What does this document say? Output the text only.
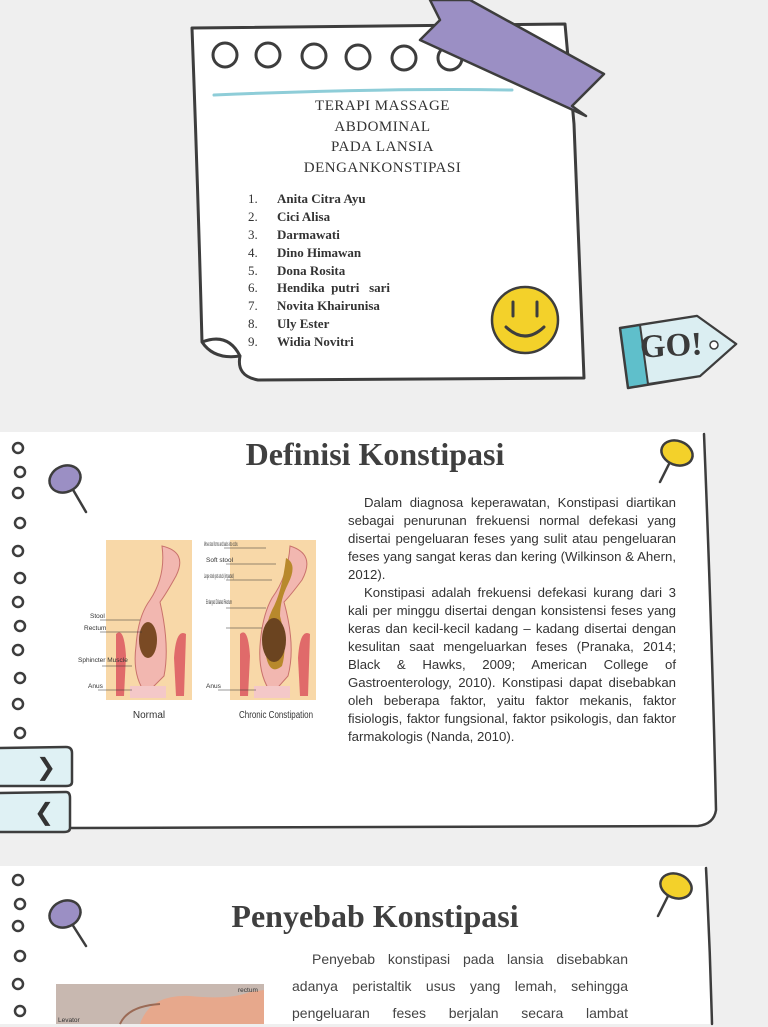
TERAPI MASSAGE
ABDOMINAL
PADA LANSIA
DENGANKONSTIPASI
1. Anita Citra Ayu
2. Cici Alisa
3. Darmawati
4. Dino Himawan
5. Dona Rosita
6. Hendika  putri   sari
7. Novita Khairunisa
8. Uly Ester
9. Widia Novitri	GO!
Definisi Konstipasi

Dalam diagnosa keperawatan, Konstipasi diartikan sebagai penurunan frekuensi normal defekasi yang disertai pengeluaran feses yang sulit atau pengeluaran feses yang sangat keras dan kering (Wilkinson & Ahern, 2012).

Konstipasi adalah frekuensi defekasi kurang dari 3 kali per minggu disertai dengan konsistensi feses yang keras dan kecil-kecil kadang – kadang disertai dengan kesulitan saat mengeluarkan feses (Pranaka, 2014; Black & Hawks, 2009; American College of Gastroenterology, 2010). Konstipasi dapat disebabkan oleh beberapa faktor, yaitu faktor mekanis, faktor fisiologis, faktor fungsional, faktor psikologis, dan faktor farmakologis (Nanda, 2010).

Stool
Rectum
Sphincter Muscle
Anus
Normal
Move stool forms and backs into colon.
Soft stool
Large stool gets stuck (impacted)
Enlarged Dilated Rectum
Anus
Chronic Constipation
❯
❮
Levator
rectum
Penyebab Konstipasi

Penyebab konstipasi pada lansia disebabkan adanya peristaltik usus yang lemah, sehingga pengeluaran feses berjalan secara lambat
